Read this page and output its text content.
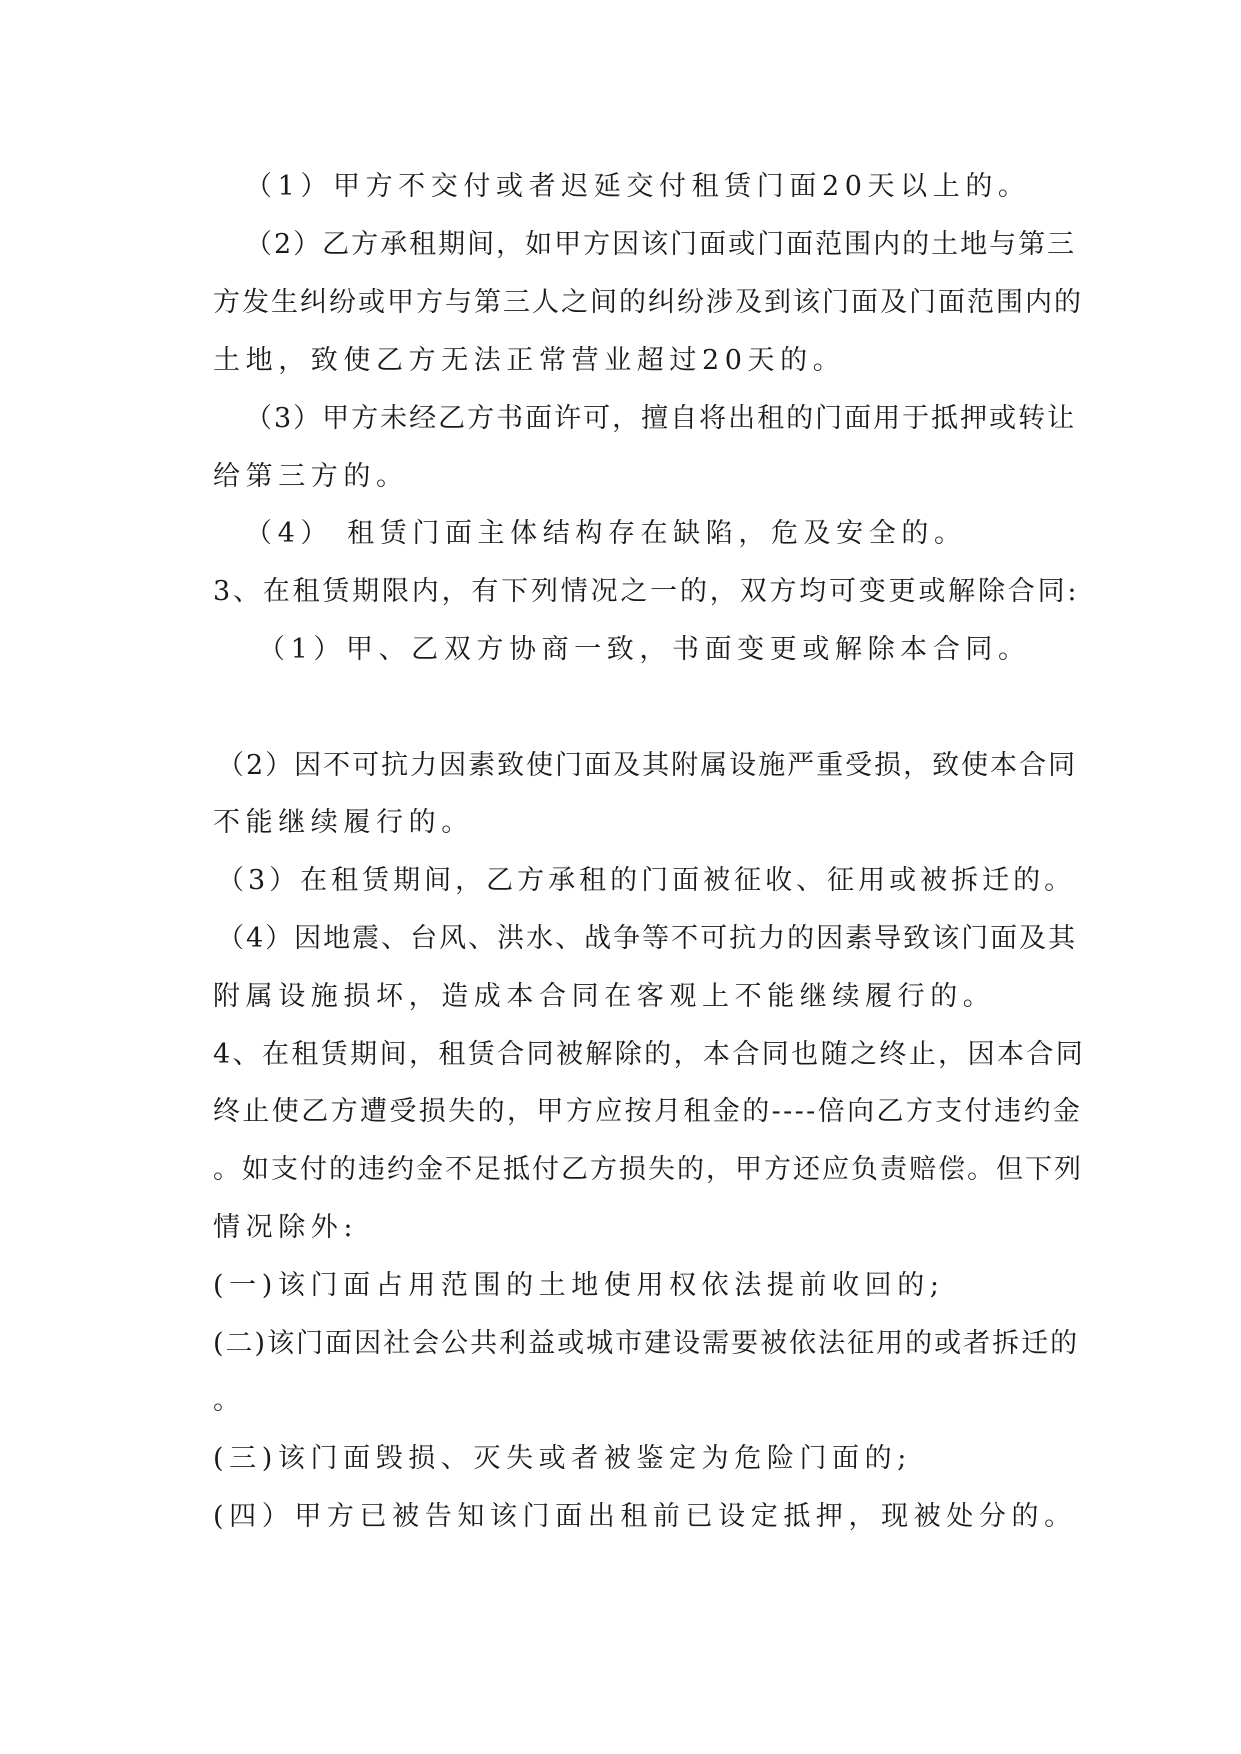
（1）甲方不交付或者迟延交付租赁门面20天以上的。
（2）乙方承租期间，如甲方因该门面或门面范围内的土地与第三
方发生纠纷或甲方与第三人之间的纠纷涉及到该门面及门面范围内的
土地，致使乙方无法正常营业超过20天的。
（3）甲方未经乙方书面许可，擅自将出租的门面用于抵押或转让
给第三方的。
（4） 租赁门面主体结构存在缺陷，危及安全的。
3、在租赁期限内，有下列情况之一的，双方均可变更或解除合同:
（1）甲、乙双方协商一致，书面变更或解除本合同。
（2）因不可抗力因素致使门面及其附属设施严重受损，致使本合同
不能继续履行的。
（3）在租赁期间，乙方承租的门面被征收、征用或被拆迁的。
（4）因地震、台风、洪水、战争等不可抗力的因素导致该门面及其
附属设施损坏，造成本合同在客观上不能继续履行的。
4、在租赁期间，租赁合同被解除的，本合同也随之终止，因本合同
终止使乙方遭受损失的，甲方应按月租金的----倍向乙方支付违约金
。如支付的违约金不足抵付乙方损失的，甲方还应负责赔偿。但下列
情况除外:
(一)该门面占用范围的土地使用权依法提前收回的;
(二)该门面因社会公共利益或城市建设需要被依法征用的或者拆迁的
。
(三)该门面毁损、灭失或者被鉴定为危险门面的;
(四）甲方已被告知该门面出租前已设定抵押，现被处分的。
